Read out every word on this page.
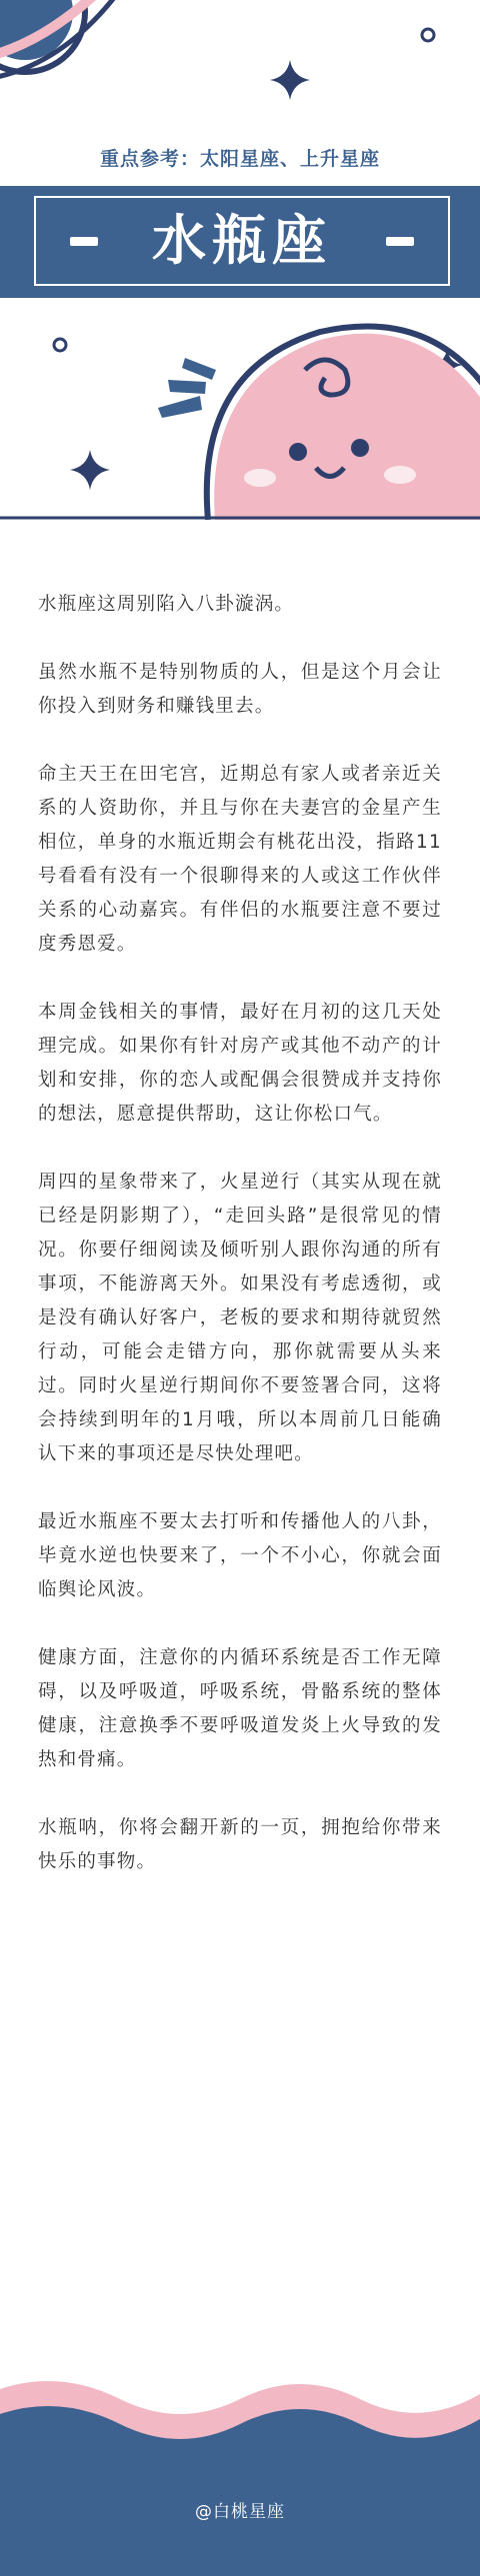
重点参考：太阳星座、上升星座
水瓶座

水瓶座这周别陷入八卦漩涡。

虽然水瓶不是特别物质的人，但是这个月会让你投入到财务和赚钱里去。

命主天王在田宅宫，近期总有家人或者亲近关系的人资助你，并且与你在夫妻宫的金星产生相位，单身的水瓶近期会有桃花出没，指路11号看看有没有一个很聊得来的人或这工作伙伴关系的心动嘉宾。有伴侣的水瓶要注意不要过度秀恩爱。

本周金钱相关的事情，最好在月初的这几天处理完成。如果你有针对房产或其他不动产的计划和安排，你的恋人或配偶会很赞成并支持你的想法，愿意提供帮助，这让你松口气。

周四的星象带来了，火星逆行（其实从现在就已经是阴影期了），“走回头路”是很常见的情况。你要仔细阅读及倾听别人跟你沟通的所有事项，不能游离天外。如果没有考虑透彻，或是没有确认好客户，老板的要求和期待就贸然行动，可能会走错方向，那你就需要从头来过。同时火星逆行期间你不要签署合同，这将会持续到明年的1月哦，所以本周前几日能确认下来的事项还是尽快处理吧。

最近水瓶座不要太去打听和传播他人的八卦，毕竟水逆也快要来了，一个不小心，你就会面临舆论风波。

健康方面，注意你的内循环系统是否工作无障碍，以及呼吸道，呼吸系统，骨骼系统的整体健康，注意换季不要呼吸道发炎上火导致的发热和骨痛。

水瓶呐，你将会翻开新的一页，拥抱给你带来快乐的事物。

@白桃星座
